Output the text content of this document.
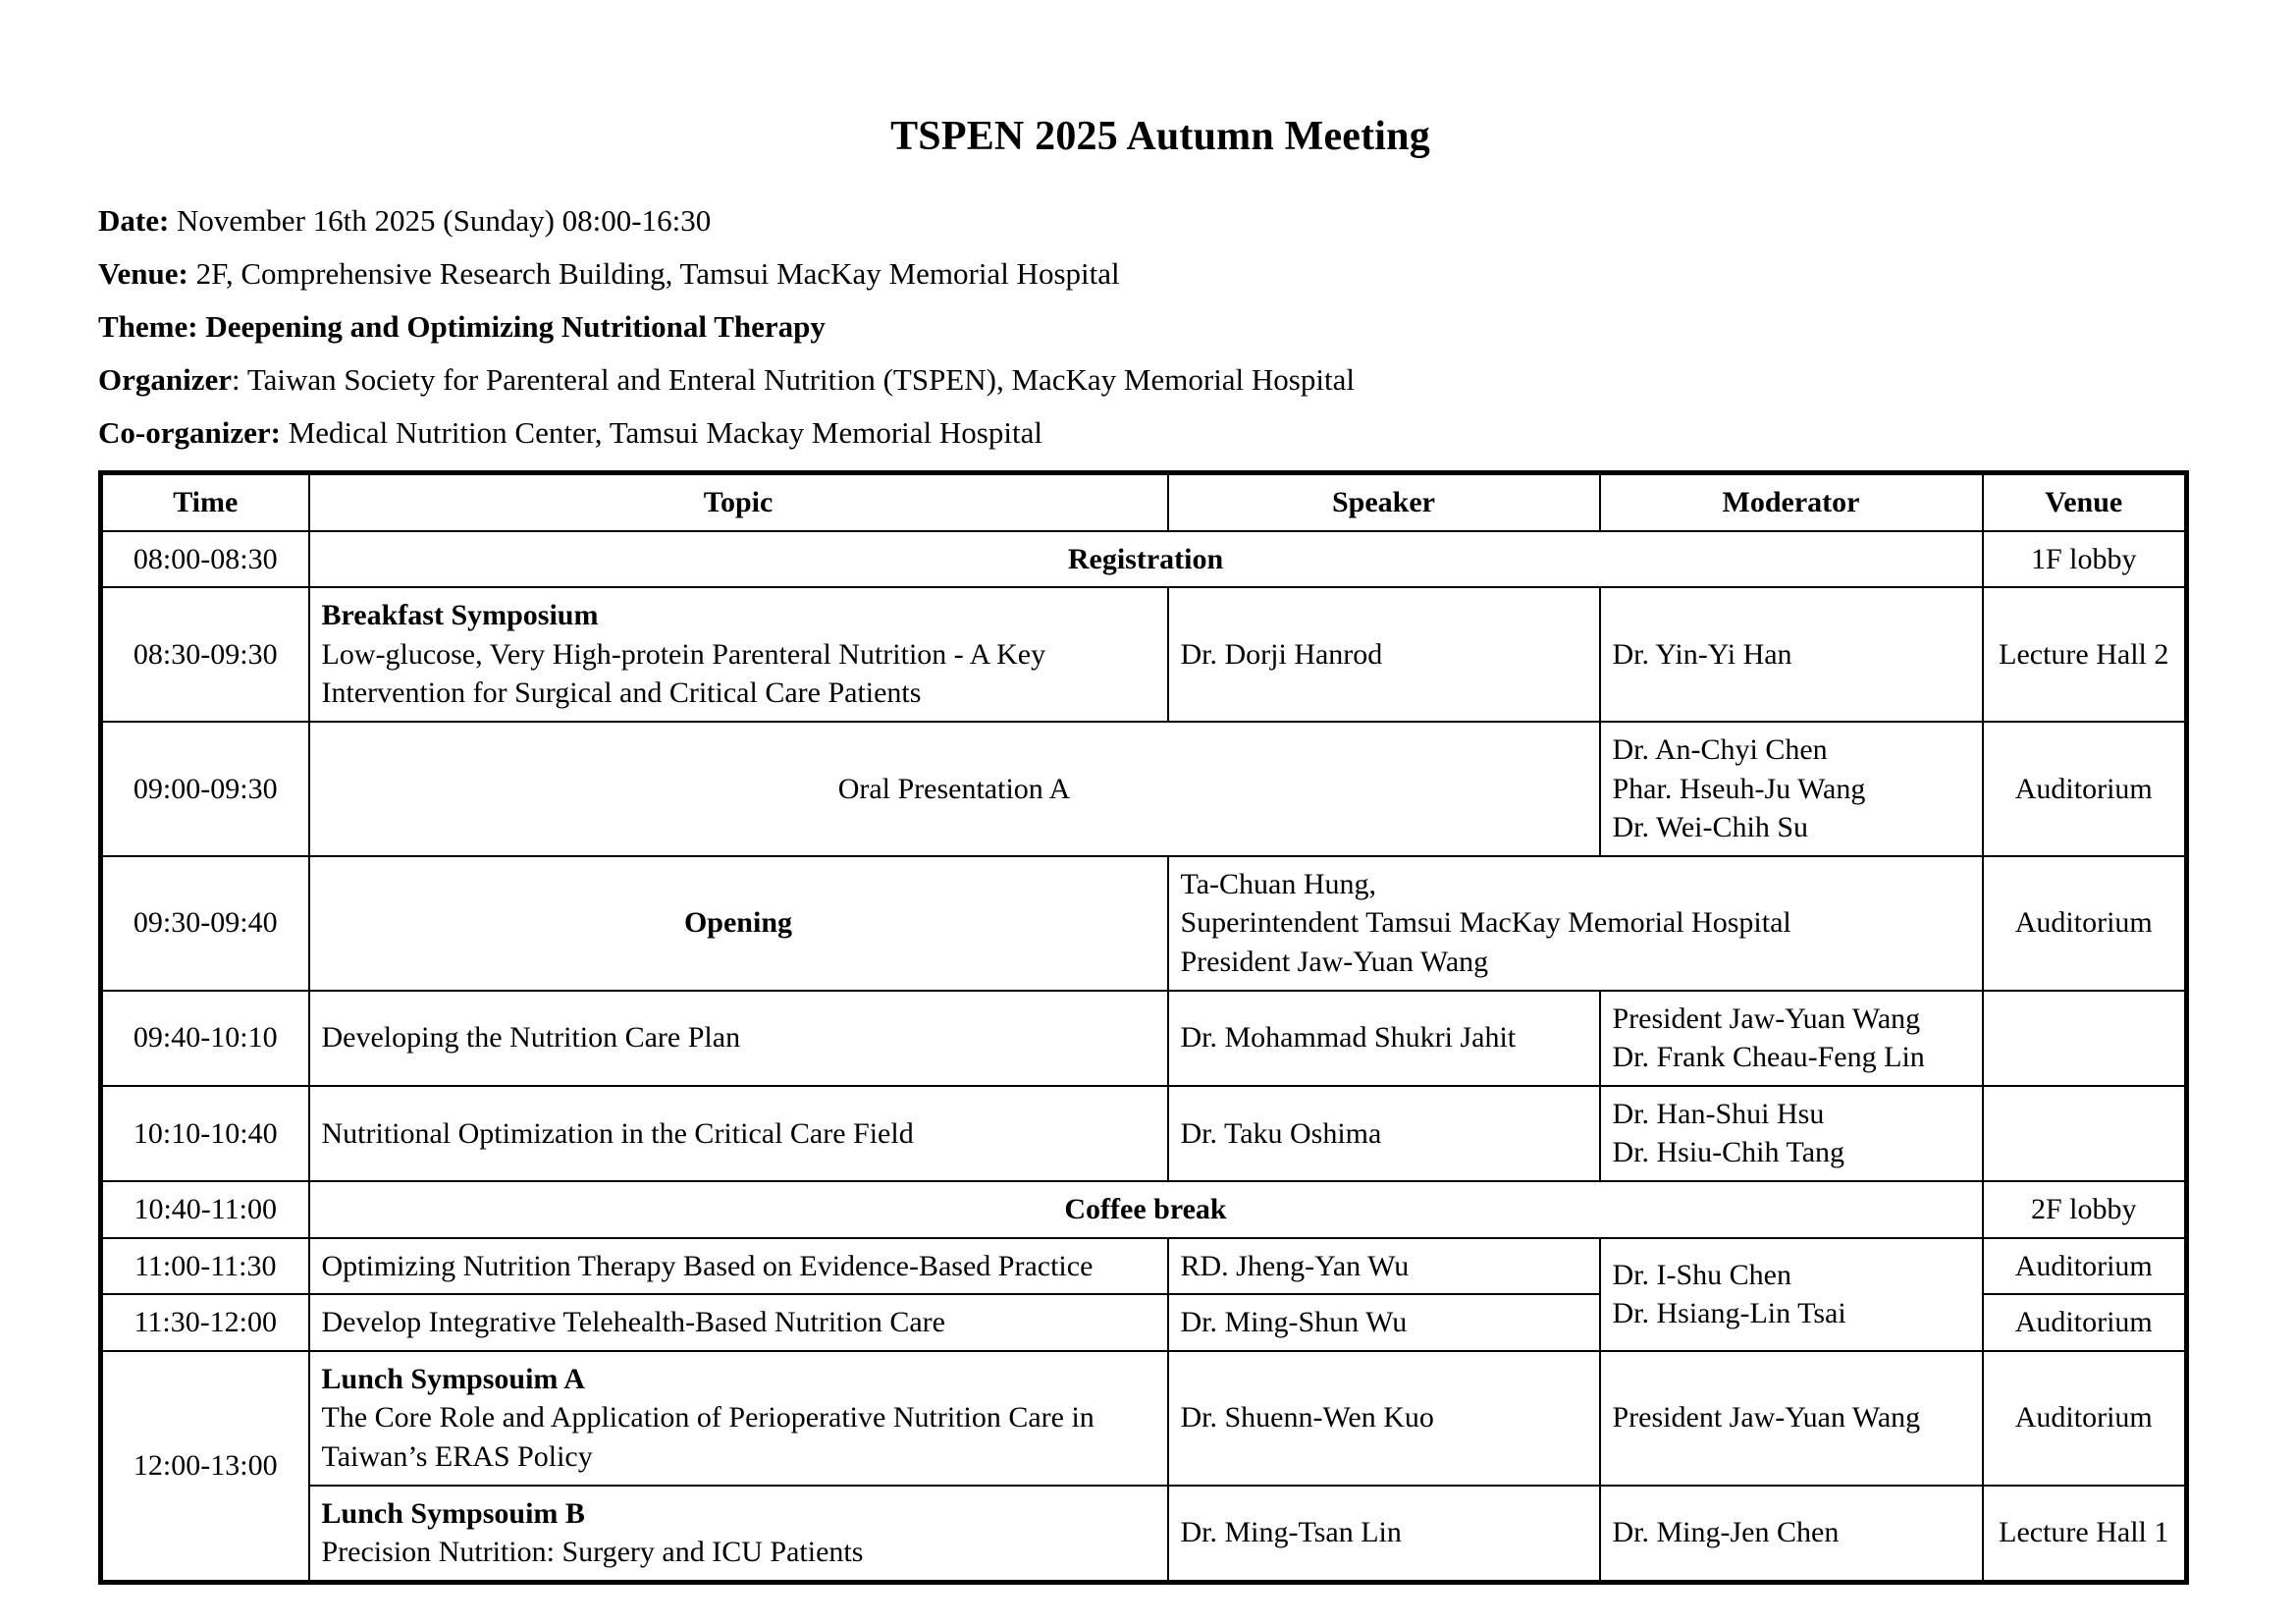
TSPEN 2025 Autumn Meeting

Date: November 16th 2025 (Sunday) 08:00-16:30

Venue: 2F, Comprehensive Research Building, Tamsui MacKay Memorial Hospital

Theme: Deepening and Optimizing Nutritional Therapy

Organizer: Taiwan Society for Parenteral and Enteral Nutrition (TSPEN), MacKay Memorial Hospital

Co-organizer: Medical Nutrition Center, Tamsui Mackay Memorial Hospital

Time	Topic	Speaker	Moderator	Venue
08:00-08:30	Registration			1F lobby
08:30-09:30	Breakfast Symposium
Low-glucose, Very High-protein Parenteral Nutrition - A Key Intervention for Surgical and Critical Care Patients	Dr. Dorji Hanrod	Dr. Yin-Yi Han	Lecture Hall 2
09:00-09:30	Oral Presentation A		Dr. An-Chyi Chen
Phar. Hseuh-Ju Wang
Dr. Wei-Chih Su	Auditorium
09:30-09:40	Opening	Ta-Chuan Hung,
Superintendent Tamsui MacKay Memorial Hospital
President Jaw-Yuan Wang		Auditorium
09:40-10:10	Developing the Nutrition Care Plan	Dr. Mohammad Shukri Jahit	President Jaw-Yuan Wang
Dr. Frank Cheau-Feng Lin	

10:10-10:40	Nutritional Optimization in the Critical Care Field	Dr. Taku Oshima	Dr. Han-Shui Hsu
Dr. Hsiu-Chih Tang	

10:40-11:00	Coffee break			2F lobby
11:00-11:30	Optimizing Nutrition Therapy Based on Evidence-Based Practice	RD. Jheng-Yan Wu	Dr. I-Shu Chen
Dr. Hsiang-Lin Tsai	Auditorium
11:30-12:00	Develop Integrative Telehealth-Based Nutrition Care	Dr. Ming-Shun Wu		Auditorium
12:00-13:00	Lunch Sympsouim A
The Core Role and Application of Perioperative Nutrition Care in Taiwan’s ERAS Policy	Dr. Shuenn-Wen Kuo	President Jaw-Yuan Wang	Auditorium

	Lunch Sympsouim B
Precision Nutrition: Surgery and ICU Patients	Dr. Ming-Tsan Lin	Dr. Ming-Jen Chen	Lecture Hall 1
